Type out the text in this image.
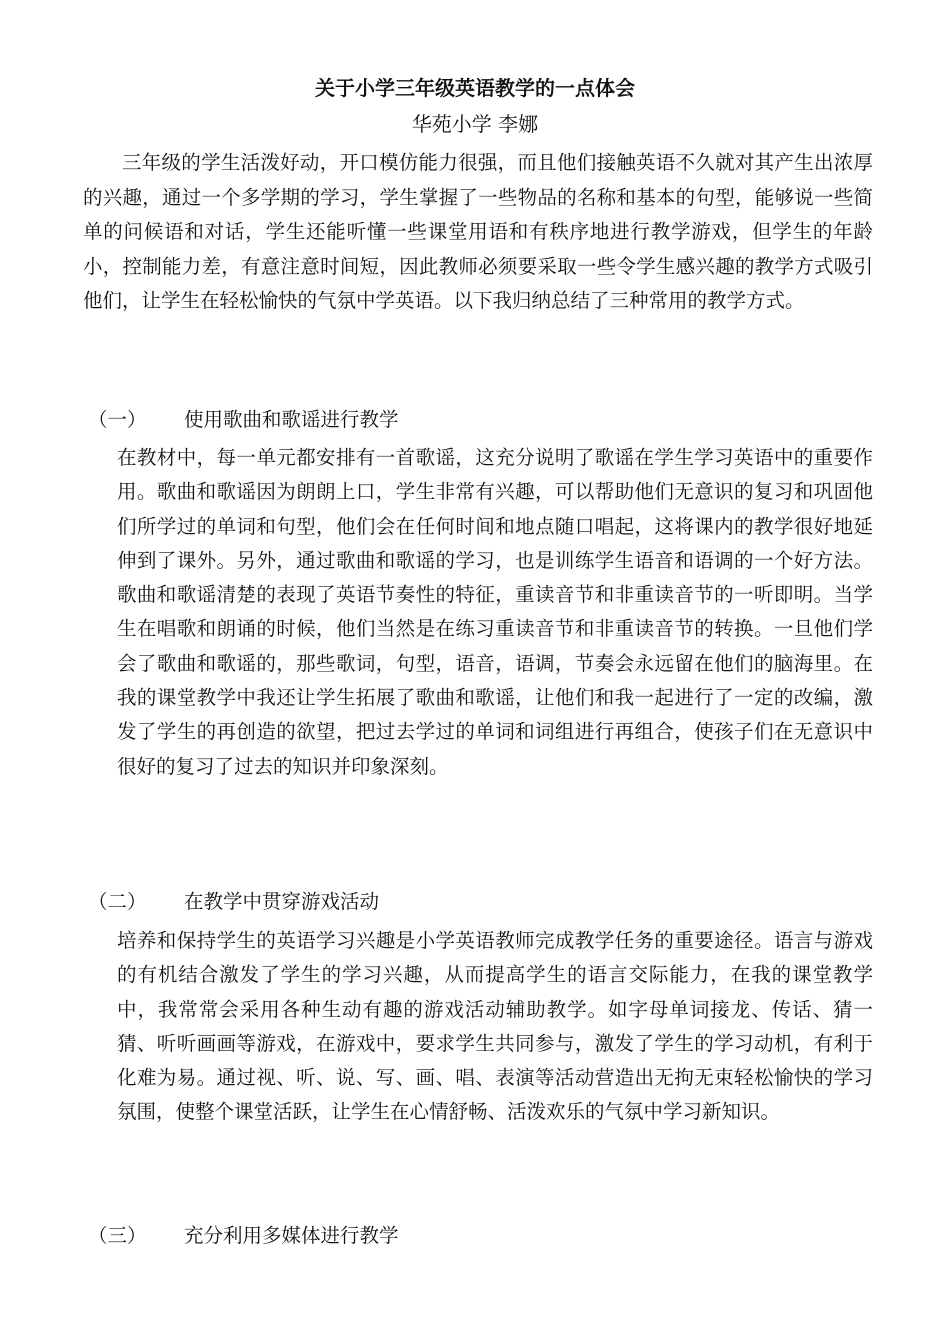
关于小学三年级英语教学的一点体会
华苑小学 李娜

三年级的学生活泼好动，开口模仿能力很强，而且他们接触英语不久就对其产生出浓厚的兴趣，通过一个多学期的学习，学生掌握了一些物品的名称和基本的句型，能够说一些简单的问候语和对话，学生还能听懂一些课堂用语和有秩序地进行教学游戏，但学生的年龄小，控制能力差，有意注意时间短，因此教师必须要采取一些令学生感兴趣的教学方式吸引他们，让学生在轻松愉快的气氛中学英语。以下我归纳总结了三种常用的教学方式。

（一） 使用歌曲和歌谣进行教学

在教材中，每一单元都安排有一首歌谣，这充分说明了歌谣在学生学习英语中的重要作用。歌曲和歌谣因为朗朗上口，学生非常有兴趣，可以帮助他们无意识的复习和巩固他们所学过的单词和句型，他们会在任何时间和地点随口唱起，这将课内的教学很好地延伸到了课外。另外，通过歌曲和歌谣的学习，也是训练学生语音和语调的一个好方法。歌曲和歌谣清楚的表现了英语节奏性的特征，重读音节和非重读音节的一听即明。当学生在唱歌和朗诵的时候，他们当然是在练习重读音节和非重读音节的转换。一旦他们学会了歌曲和歌谣的，那些歌词，句型，语音，语调，节奏会永远留在他们的脑海里。在我的课堂教学中我还让学生拓展了歌曲和歌谣，让他们和我一起进行了一定的改编，激发了学生的再创造的欲望，把过去学过的单词和词组进行再组合，使孩子们在无意识中很好的复习了过去的知识并印象深刻。

（二） 在教学中贯穿游戏活动

培养和保持学生的英语学习兴趣是小学英语教师完成教学任务的重要途径。语言与游戏的有机结合激发了学生的学习兴趣，从而提高学生的语言交际能力，在我的课堂教学中，我常常会采用各种生动有趣的游戏活动辅助教学。如字母单词接龙、传话、猜一猜、听听画画等游戏，在游戏中，要求学生共同参与，激发了学生的学习动机，有利于化难为易。通过视、听、说、写、画、唱、表演等活动营造出无拘无束轻松愉快的学习氛围，使整个课堂活跃，让学生在心情舒畅、活泼欢乐的气氛中学习新知识。

（三） 充分利用多媒体进行教学
